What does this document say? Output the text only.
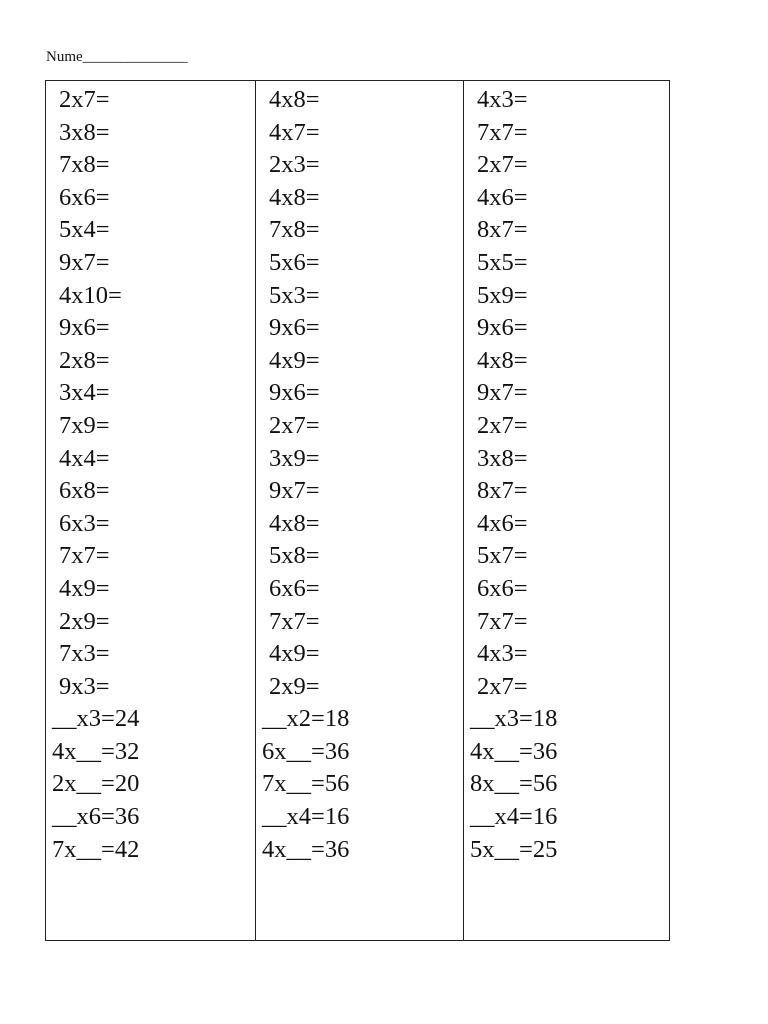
Nume______________
2x7=
3x8=
7x8=
6x6=
5x4=
9x7=
4x10=
9x6=
2x8=
3x4=
7x9=
4x4=
6x8=
6x3=
7x7=
4x9=
2x9=
7x3=
9x3=
__x3=24
4x__=32
2x__=20
__x6=36
7x__=42
4x8=
4x7=
2x3=
4x8=
7x8=
5x6=
5x3=
9x6=
4x9=
9x6=
2x7=
3x9=
9x7=
4x8=
5x8=
6x6=
7x7=
4x9=
2x9=
__x2=18
6x__=36
7x__=56
__x4=16
4x__=36
4x3=
7x7=
2x7=
4x6=
8x7=
5x5=
5x9=
9x6=
4x8=
9x7=
2x7=
3x8=
8x7=
4x6=
5x7=
6x6=
7x7=
4x3=
2x7=
__x3=18
4x__=36
8x__=56
__x4=16
5x__=25
